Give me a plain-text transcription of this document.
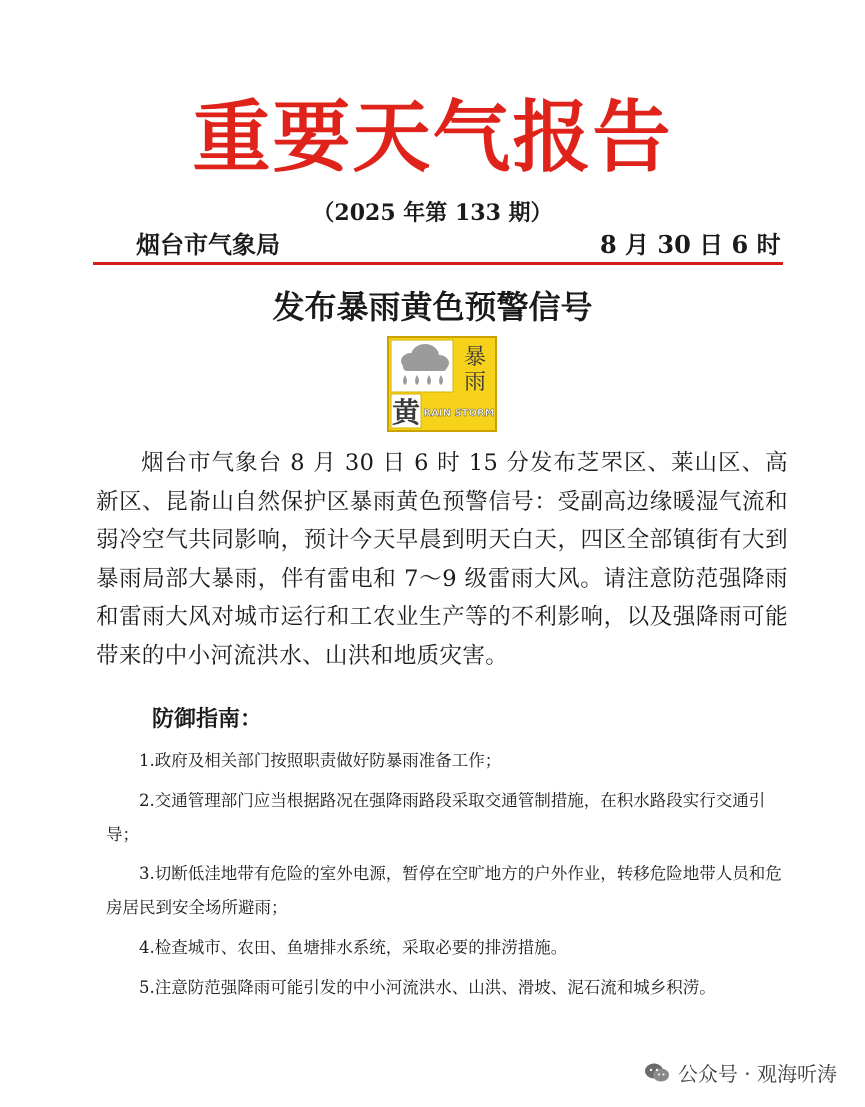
重要天气报告
（2025 年第 133 期）
烟台市气象局	8 月 30 日 6 时
发布暴雨黄色预警信号
暴
雨
黄 RAIN STORM
烟台市气象台 8 月 30 日 6 时 15 分发布芝罘区、莱山区、高新区、昆嵛山自然保护区暴雨黄色预警信号：受副高边缘暖湿气流和弱冷空气共同影响，预计今天早晨到明天白天，四区全部镇街有大到暴雨局部大暴雨，伴有雷电和 7～9 级雷雨大风。请注意防范强降雨和雷雨大风对城市运行和工农业生产等的不利影响，以及强降雨可能带来的中小河流洪水、山洪和地质灾害。
防御指南：
1.政府及相关部门按照职责做好防暴雨准备工作；
2.交通管理部门应当根据路况在强降雨路段采取交通管制措施，在积水路段实行交通引导；
3.切断低洼地带有危险的室外电源，暂停在空旷地方的户外作业，转移危险地带人员和危房居民到安全场所避雨；
4.检查城市、农田、鱼塘排水系统，采取必要的排涝措施。
5.注意防范强降雨可能引发的中小河流洪水、山洪、滑坡、泥石流和城乡积涝。
公众号 · 观海听涛
